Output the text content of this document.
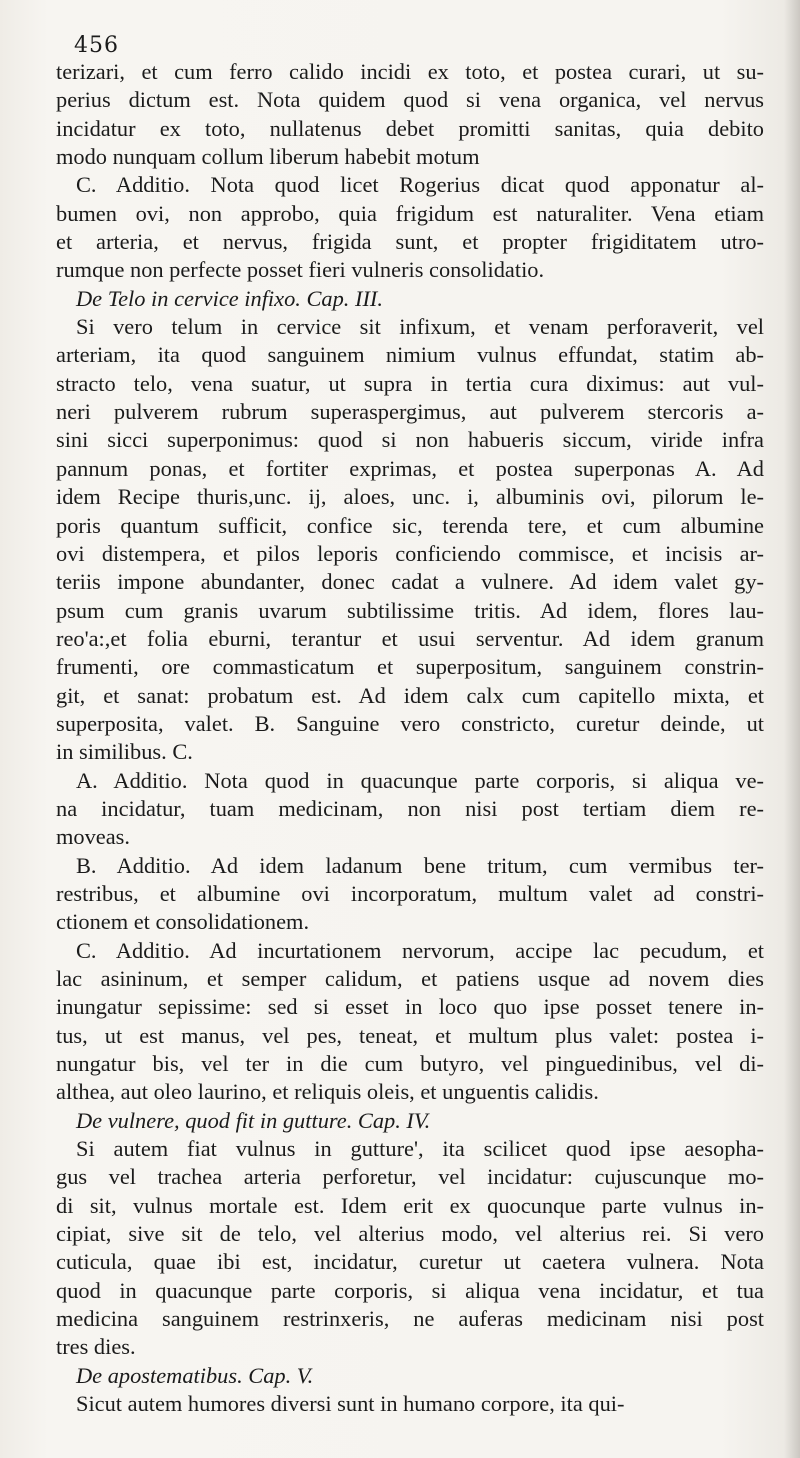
456
terizari, et cum ferro calido incidi ex toto, et postea curari, ut su-
perius dictum est. Nota quidem quod si vena organica, vel nervus
incidatur ex toto, nullatenus debet promitti sanitas, quia debito
modo nunquam collum liberum habebit motum
C. Additio. Nota quod licet Rogerius dicat quod apponatur al-
bumen ovi, non approbo, quia frigidum est naturaliter. Vena etiam
et arteria, et nervus, frigida sunt, et propter frigiditatem utro-
rumque non perfecte posset fieri vulneris consolidatio.
De Telo in cervice infixo. Cap. III.
Si vero telum in cervice sit infixum, et venam perforaverit, vel
arteriam, ita quod sanguinem nimium vulnus effundat, statim ab-
stracto telo, vena suatur, ut supra in tertia cura diximus: aut vul-
neri pulverem rubrum superaspergimus, aut pulverem stercoris a-
sini sicci superponimus: quod si non habueris siccum, viride infra
pannum ponas, et fortiter exprimas, et postea superponas A. Ad
idem Recipe thuris,unc. ij, aloes, unc. i, albuminis ovi, pilorum le-
poris quantum sufficit, confice sic, terenda tere, et cum albumine
ovi distempera, et pilos leporis conficiendo commisce, et incisis ar-
teriis impone abundanter, donec cadat a vulnere. Ad idem valet gy-
psum cum granis uvarum subtilissime tritis. Ad idem, flores lau-
reo'a:,et folia eburni, terantur et usui serventur. Ad idem granum
frumenti, ore commasticatum et superpositum, sanguinem constrin-
git, et sanat: probatum est. Ad idem calx cum capitello mixta, et
superposita, valet. B. Sanguine vero constricto, curetur deinde, ut
in similibus. C.
A. Additio. Nota quod in quacunque parte corporis, si aliqua ve-
na incidatur, tuam medicinam, non nisi post tertiam diem re-
moveas.
B. Additio. Ad idem ladanum bene tritum, cum vermibus ter-
restribus, et albumine ovi incorporatum, multum valet ad constri-
ctionem et consolidationem.
C. Additio. Ad incurtationem nervorum, accipe lac pecudum, et
lac asininum, et semper calidum, et patiens usque ad novem dies
inungatur sepissime: sed si esset in loco quo ipse posset tenere in-
tus, ut est manus, vel pes, teneat, et multum plus valet: postea i-
nungatur bis, vel ter in die cum butyro, vel pinguedinibus, vel di-
althea, aut oleo laurino, et reliquis oleis, et unguentis calidis.
De vulnere, quod fit in gutture. Cap. IV.
Si autem fiat vulnus in gutture', ita scilicet quod ipse aesopha-
gus vel trachea arteria perforetur, vel incidatur: cujuscunque mo-
di sit, vulnus mortale est. Idem erit ex quocunque parte vulnus in-
cipiat, sive sit de telo, vel alterius modo, vel alterius rei. Si vero
cuticula, quae ibi est, incidatur, curetur ut caetera vulnera. Nota
quod in quacunque parte corporis, si aliqua vena incidatur, et tua
medicina sanguinem restrinxeris, ne auferas medicinam nisi post
tres dies.
De apostematibus. Cap. V.
Sicut autem humores diversi sunt in humano corpore, ita qui-
